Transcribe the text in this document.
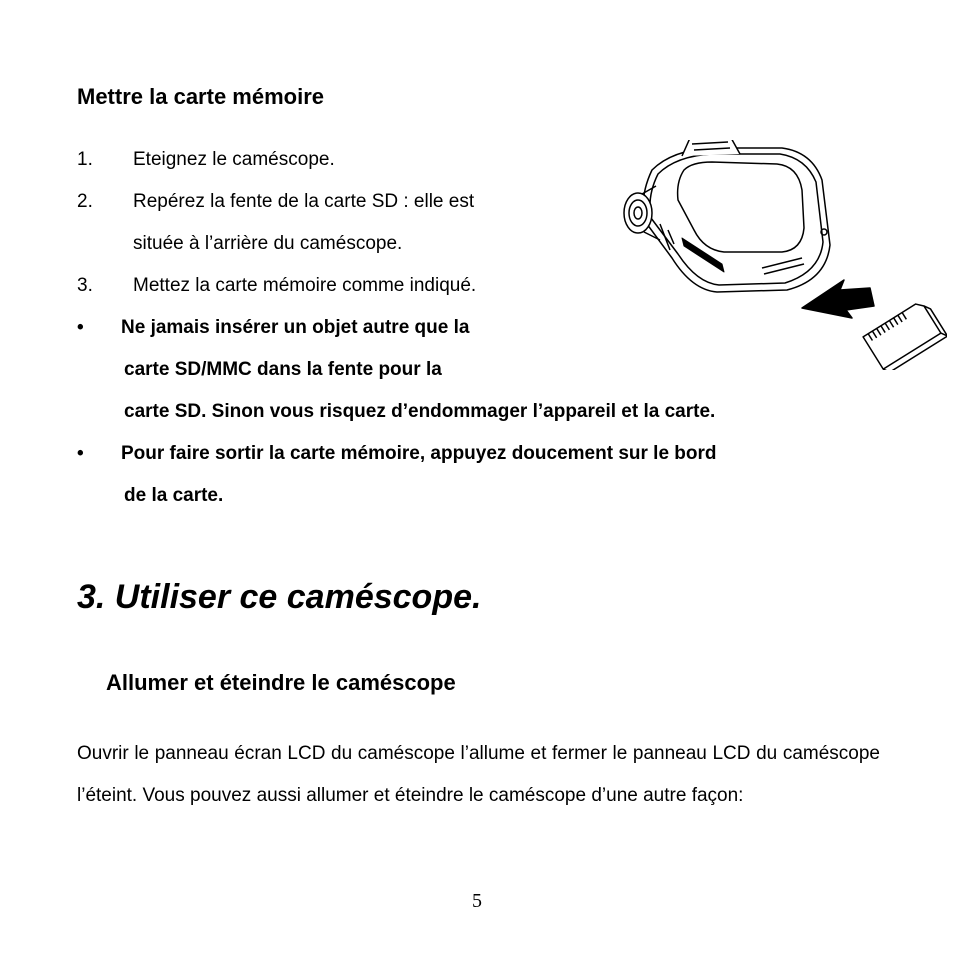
Mettre la carte mémoire
1. Eteignez le caméscope.
2. Repérez la fente de la carte SD : elle est
située à l’arrière du caméscope.
3. Mettez la carte mémoire comme indiqué.
• Ne jamais insérer un objet autre que la
carte SD/MMC dans la fente pour la
carte SD. Sinon vous risquez d’endommager l’appareil et la carte.
• Pour faire sortir la carte mémoire, appuyez doucement sur le bord
de la carte.
SD/MMC
3. Utiliser ce caméscope.
Allumer et éteindre le caméscope
Ouvrir le panneau écran LCD du caméscope l’allume et fermer le panneau LCD du caméscope l’éteint. Vous pouvez aussi allumer et éteindre le caméscope d’une autre façon:
5
